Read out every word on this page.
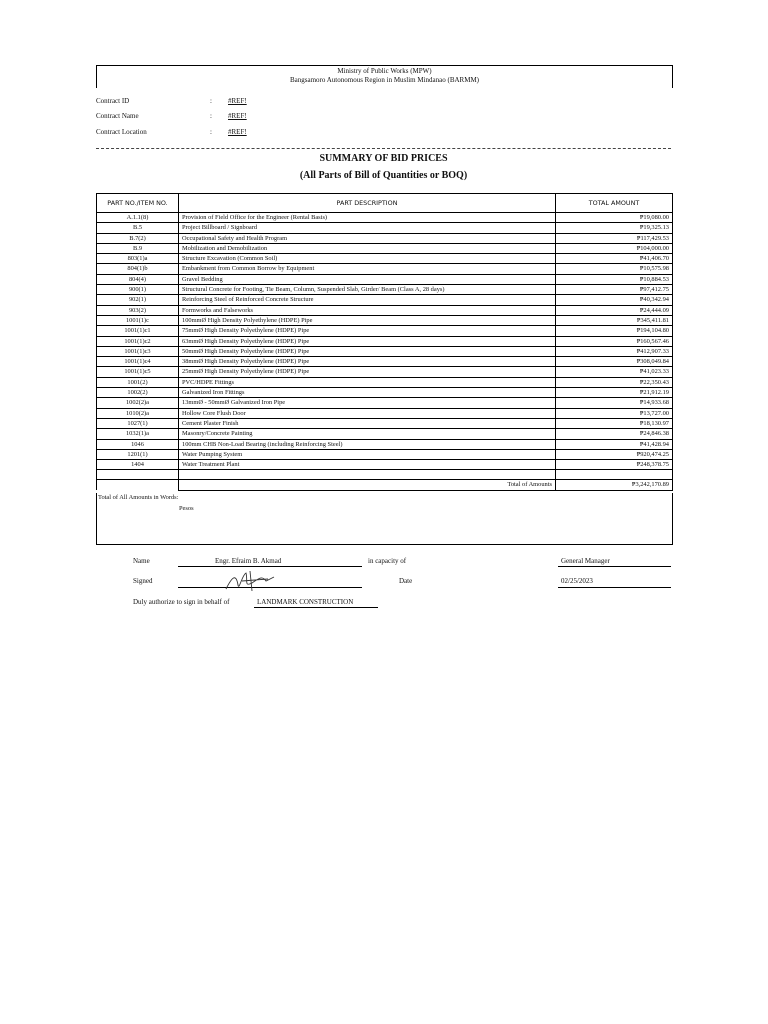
Ministry of Public Works (MPW)
Bangsamoro Autonomous Region in Muslim Mindanao (BARMM)
Contract ID	: #REF!
Contract Name	: #REF!
Contract Location	: #REF!
SUMMARY OF BID PRICES
(All Parts of Bill of Quantities or BOQ)
PART NO./ITEM NO.	PART DESCRIPTION	TOTAL AMOUNT
A.1.1(8)	Provision of Field Office for the Engineer (Rental Basis)	₱19,080.00
B.5	Project Billboard / Signboard	₱19,325.13
B.7(2)	Occupational Safety and Health Program	₱117,429.53
B.9	Mobilization and Demobilization	₱104,000.00
803(1)a	Structure Excavation (Common Soil)	₱41,406.70
804(1)b	Embankment from Common Borrow by Equipment	₱10,575.98
804(4)	Gravel Bedding	₱10,884.53
900(1)	Structural Concrete for Footing, Tie Beam, Column, Suspended Slab, Girder/ Beam (Class A, 28 days)	₱97,412.75
902(1)	Reinforcing Steel of Reinforced Concrete Structure	₱40,342.94
903(2)	Formworks and Falseworks	₱24,444.09
1001(1)c	100mmØ High Density Polyethylene (HDPE) Pipe	₱345,411.81
1001(1)c1	75mmØ High Density Polyethylene (HDPE) Pipe	₱194,104.80
1001(1)c2	63mmØ High Density Polyethylene (HDPE) Pipe	₱160,567.46
1001(1)c3	50mmØ High Density Polyethylene (HDPE) Pipe	₱412,907.33
1001(1)c4	38mmØ High Density Polyethylene (HDPE) Pipe	₱308,049.84
1001(1)c5	25mmØ High Density Polyethylene (HDPE) Pipe	₱41,023.33
1001(2)	PVC/HDPE Fittings	₱22,350.43
1002(2)	Galvanized Iron Fittings	₱21,912.19
1002(2)a	13mmØ - 50mmØ Galvanized Iron Pipe	₱14,933.68
1010(2)a	Hollow Core Flush Door	₱13,727.00
1027(1)	Cement Plaster Finish	₱18,130.97
1032(1)a	Masonry/Concrete Painting	₱24,846.38
1046	100mm CHB Non-Load Bearing (including Reinforcing Steel)	₱41,428.94
1201(1)	Water Pumping System	₱920,474.25
1404	Water Treatment Plant	₱248,378.75

	Total of Amounts	₱3,242,170.89
Total of All Amounts in Words:
Pesos
Name	Engr. Efraim B. Akmad	in capacity of	General Manager
Signed	Date	02/25/2023
Duly authorize to sign in behalf of	LANDMARK CONSTRUCTION
